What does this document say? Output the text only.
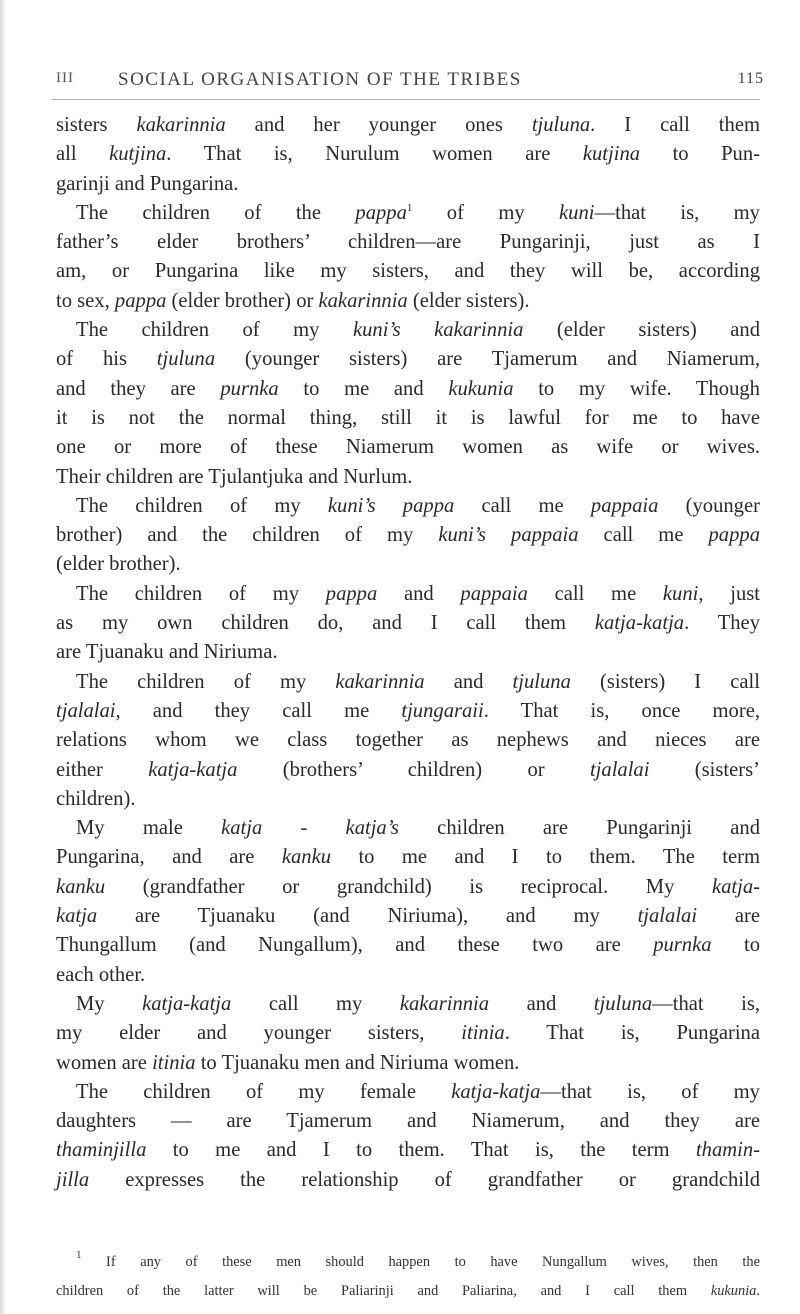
III SOCIAL ORGANISATION OF THE TRIBES	115
sisters kakarinnia and her younger ones tjuluna. I call them
all kutjina. That is, Nurulum women are kutjina to Pun-
garinji and Pungarina.
The children of the pappa$^1$ of my kuni—that is, my
father’s elder brothers’ children—are Pungarinji, just as I
am, or Pungarina like my sisters, and they will be, according
to sex, pappa (elder brother) or kakarinnia (elder sisters).
The children of my kuni’s kakarinnia (elder sisters) and
of his tjuluna (younger sisters) are Tjamerum and Niamerum,
and they are purnka to me and kukunia to my wife. Though
it is not the normal thing, still it is lawful for me to have
one or more of these Niamerum women as wife or wives.
Their children are Tjulantjuka and Nurlum.
The children of my kuni’s pappa call me pappaia (younger
brother) and the children of my kuni’s pappaia call me pappa
(elder brother).
The children of my pappa and pappaia call me kuni, just
as my own children do, and I call them katja-katja. They
are Tjuanaku and Niriuma.
The children of my kakarinnia and tjuluna (sisters) I call
tjalalai, and they call me tjungaraii. That is, once more,
relations whom we class together as nephews and nieces are
either katja-katja (brothers’ children) or tjalalai (sisters’
children).
My male katja - katja’s children are Pungarinji and
Pungarina, and are kanku to me and I to them. The term
kanku (grandfather or grandchild) is reciprocal. My katja-
katja are Tjuanaku (and Niriuma), and my tjalalai are
Thungallum (and Nungallum), and these two are purnka to
each other.
My katja-katja call my kakarinnia and tjuluna—that is,
my elder and younger sisters, itinia. That is, Pungarina
women are itinia to Tjuanaku men and Niriuma women.
The children of my female katja-katja—that is, of my
daughters — are Tjamerum and Niamerum, and they are
thaminjilla to me and I to them. That is, the term thamin-
jilla expresses the relationship of grandfather or grandchild
$^1$ If any of these men should happen to have Nungallum wives, then the
children of the latter will be Paliarinji and Paliarina, and I call them kukunia.
